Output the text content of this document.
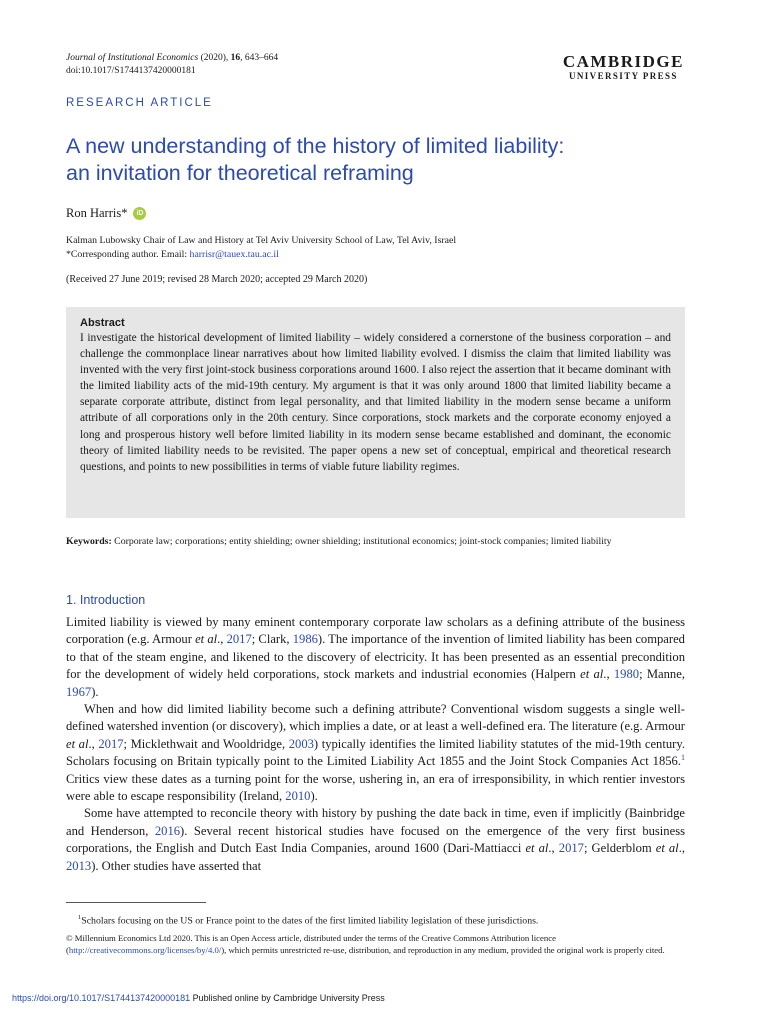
Journal of Institutional Economics (2020), 16, 643–664
doi:10.1017/S1744137420000181	CAMBRIDGE
UNIVERSITY PRESS
RESEARCH ARTICLE
A new understanding of the history of limited liability:
an invitation for theoretical reframing
Ron Harris*	iD
Kalman Lubowsky Chair of Law and History at Tel Aviv University School of Law, Tel Aviv, Israel
*Corresponding author. Email: harrisr@tauex.tau.ac.il
(Received 27 June 2019; revised 28 March 2020; accepted 29 March 2020)
Abstract
I investigate the historical development of limited liability – widely considered a cornerstone of the business corporation – and challenge the commonplace linear narratives about how limited liability evolved. I dismiss the claim that limited liability was invented with the very first joint-stock business corporations around 1600. I also reject the assertion that it became dominant with the limited liability acts of the mid-19th century. My argument is that it was only around 1800 that limited liability became a separate corporate attribute, distinct from legal personality, and that limited liability in the modern sense became a uniform attribute of all corporations only in the 20th century. Since corporations, stock markets and the corporate economy enjoyed a long and prosperous history well before limited liability in its modern sense became established and dominant, the economic theory of limited liability needs to be revisited. The paper opens a new set of conceptual, empirical and theoretical research questions, and points to new possibilities in terms of viable future liability regimes.
Keywords: Corporate law; corporations; entity shielding; owner shielding; institutional economics; joint-stock companies; limited liability
1. Introduction

Limited liability is viewed by many eminent contemporary corporate law scholars as a defining attribute of the business corporation (e.g. Armour et al., 2017; Clark, 1986). The importance of the invention of limited liability has been compared to that of the steam engine, and likened to the discovery of electricity. It has been presented as an essential precondition for the development of widely held corporations, stock markets and industrial economies (Halpern et al., 1980; Manne, 1967).

When and how did limited liability become such a defining attribute? Conventional wisdom suggests a single well-defined watershed invention (or discovery), which implies a date, or at least a well-defined era. The literature (e.g. Armour et al., 2017; Micklethwait and Wooldridge, 2003) typically identifies the limited liability statutes of the mid-19th century. Scholars focusing on Britain typically point to the Limited Liability Act 1855 and the Joint Stock Companies Act 1856.$^1$ Critics view these dates as a turning point for the worse, ushering in, an era of irresponsibility, in which rentier investors were able to escape responsibility (Ireland, 2010).

Some have attempted to reconcile theory with history by pushing the date back in time, even if implicitly (Bainbridge and Henderson, 2016). Several recent historical studies have focused on the emergence of the very first business corporations, the English and Dutch East India Companies, around 1600 (Dari-Mattiacci et al., 2017; Gelderblom et al., 2013). Other studies have asserted that

$^1$Scholars focusing on the US or France point to the dates of the first limited liability legislation of these jurisdictions.
© Millennium Economics Ltd 2020. This is an Open Access article, distributed under the terms of the Creative Commons Attribution licence (http://creativecommons.org/licenses/by/4.0/), which permits unrestricted re-use, distribution, and reproduction in any medium, provided the original work is properly cited.
https://doi.org/10.1017/S1744137420000181 Published online by Cambridge University Press
